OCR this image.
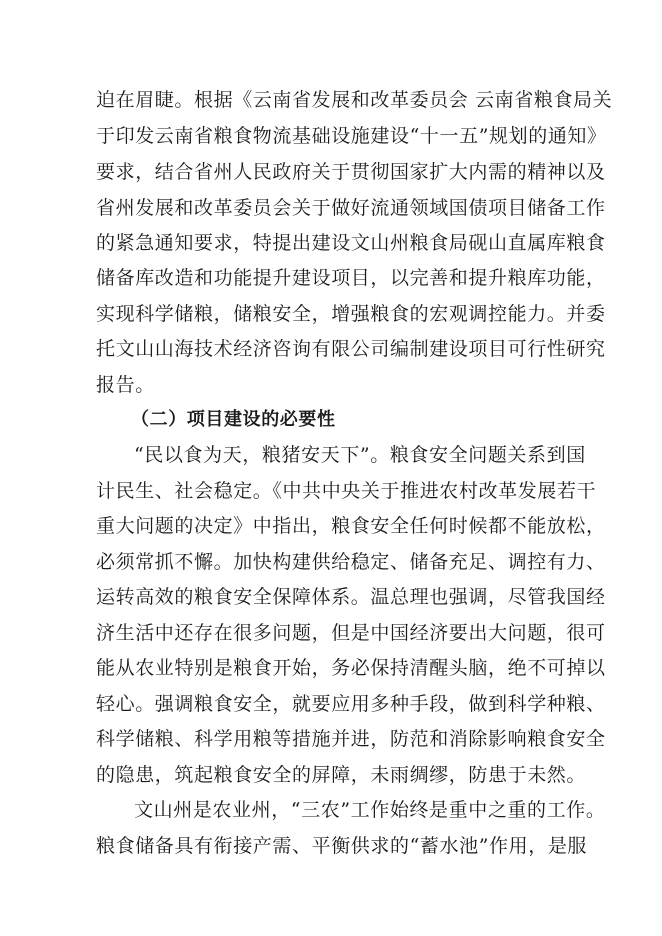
迫在眉睫。根据《云南省发展和改革委员会 云南省粮食局关
于印发云南省粮食物流基础设施建设“十一五”规划的通知》
要求，结合省州人民政府关于贯彻国家扩大内需的精神以及
省州发展和改革委员会关于做好流通领域国债项目储备工作
的紧急通知要求，特提出建设文山州粮食局砚山直属库粮食
储备库改造和功能提升建设项目，以完善和提升粮库功能，
实现科学储粮，储粮安全，增强粮食的宏观调控能力。并委
托文山山海技术经济咨询有限公司编制建设项目可行性研究
报告。
（二）项目建设的必要性
“民以食为天，粮猪安天下”。粮食安全问题关系到国
计民生、社会稳定。《中共中央关于推进农村改革发展若干
重大问题的决定》中指出，粮食安全任何时候都不能放松，
必须常抓不懈。加快构建供给稳定、储备充足、调控有力、
运转高效的粮食安全保障体系。温总理也强调，尽管我国经
济生活中还存在很多问题，但是中国经济要出大问题，很可
能从农业特别是粮食开始，务必保持清醒头脑，绝不可掉以
轻心。强调粮食安全，就要应用多种手段，做到科学种粮、
科学储粮、科学用粮等措施并进，防范和消除影响粮食安全
的隐患，筑起粮食安全的屏障，未雨绸缪，防患于未然。
文山州是农业州，“三农”工作始终是重中之重的工作。
粮食储备具有衔接产需、平衡供求的“蓄水池”作用，是服
